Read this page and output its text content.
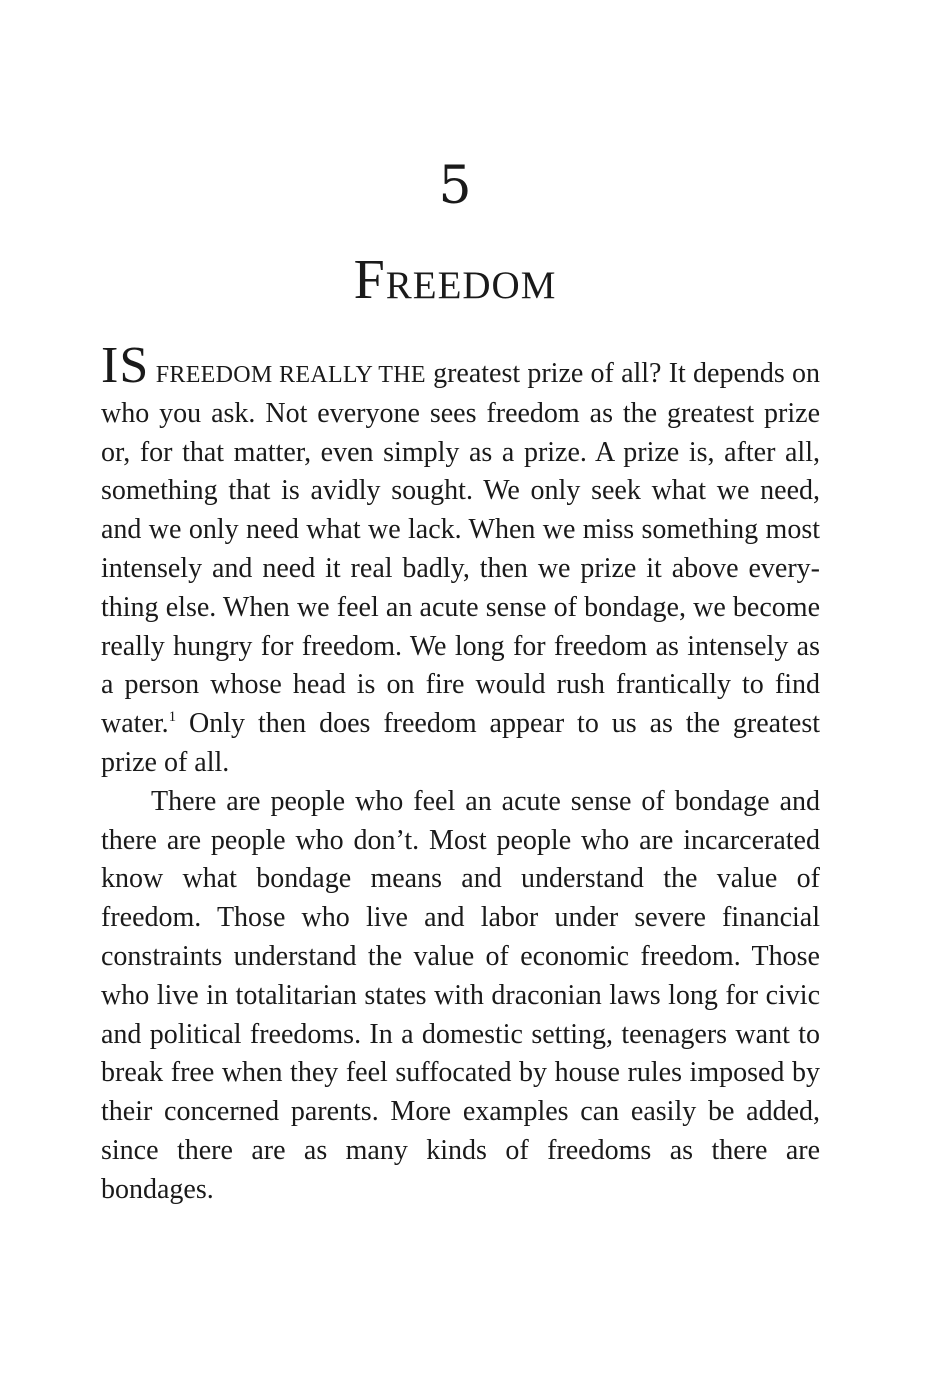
5
Freedom

IS FREEDOM REALLY THE greatest prize of all? It depends on who you ask. Not everyone sees freedom as the greatest prize or, for that matter, even simply as a prize. A prize is, after all, something that is avidly sought. We only seek what we need, and we only need what we lack. When we miss something most intensely and need it real badly, then we prize it above everything else. When we feel an acute sense of bondage, we become really hungry for freedom. We long for freedom as intensely as a person whose head is on fire would rush frantically to find water.$^1$ Only then does freedom appear to us as the greatest prize of all.

There are people who feel an acute sense of bondage and there are people who don’t. Most people who are incarcerated know what bondage means and understand the value of freedom. Those who live and labor under severe financial constraints understand the value of economic freedom. Those who live in totalitarian states with draconian laws long for civic and political freedoms. In a domestic setting, teenagers want to break free when they feel suffocated by house rules imposed by their concerned parents. More examples can easily be added, since there are as many kinds of freedoms as there are bondages.
